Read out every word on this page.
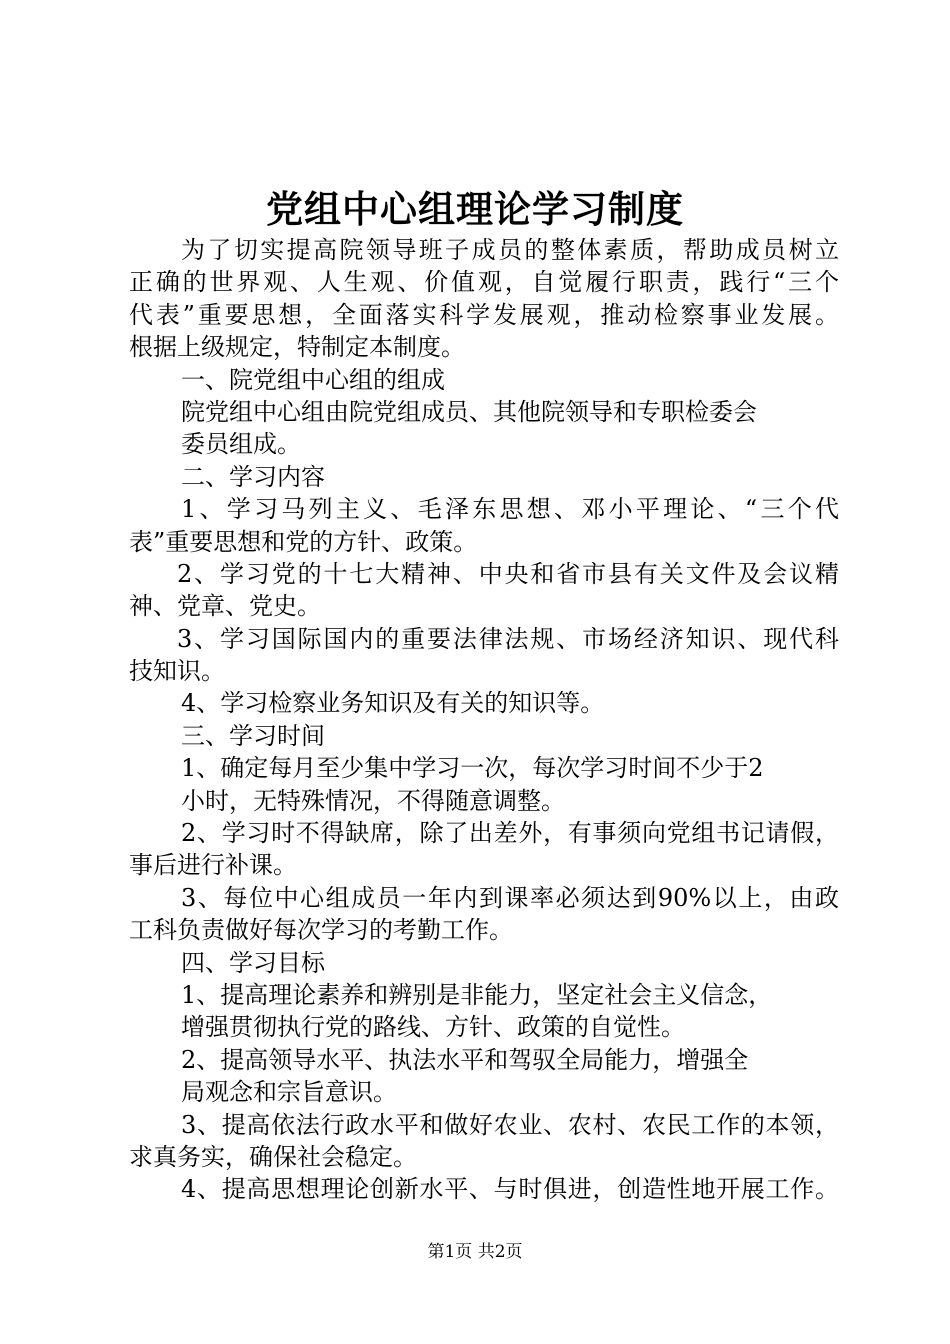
党组中心组理论学习制度
为了切实提高院领导班子成员的整体素质，帮助成员树立
正确的世界观、人生观、价值观，自觉履行职责，践行“三个
代表”重要思想，全面落实科学发展观，推动检察事业发展。
根据上级规定，特制定本制度。
一、院党组中心组的组成
院党组中心组由院党组成员、其他院领导和专职检委会
委员组成。
二、学习内容
1、学习马列主义、毛泽东思想、邓小平理论、“三个代
表”重要思想和党的方针、政策。
2、学习党的十七大精神、中央和省市县有关文件及会议精
神、党章、党史。
3、学习国际国内的重要法律法规、市场经济知识、现代科
技知识。
4、学习检察业务知识及有关的知识等。
三、学习时间
1、确定每月至少集中学习一次，每次学习时间不少于2
小时，无特殊情况，不得随意调整。
2、学习时不得缺席，除了出差外，有事须向党组书记请假，
事后进行补课。
3、每位中心组成员一年内到课率必须达到90%以上，由政
工科负责做好每次学习的考勤工作。
四、学习目标
1、提高理论素养和辨别是非能力，坚定社会主义信念，
增强贯彻执行党的路线、方针、政策的自觉性。
2、提高领导水平、执法水平和驾驭全局能力，增强全
局观念和宗旨意识。
3、提高依法行政水平和做好农业、农村、农民工作的本领，
求真务实，确保社会稳定。
4、提高思想理论创新水平、与时俱进，创造性地开展工作。
第1页 共2页
